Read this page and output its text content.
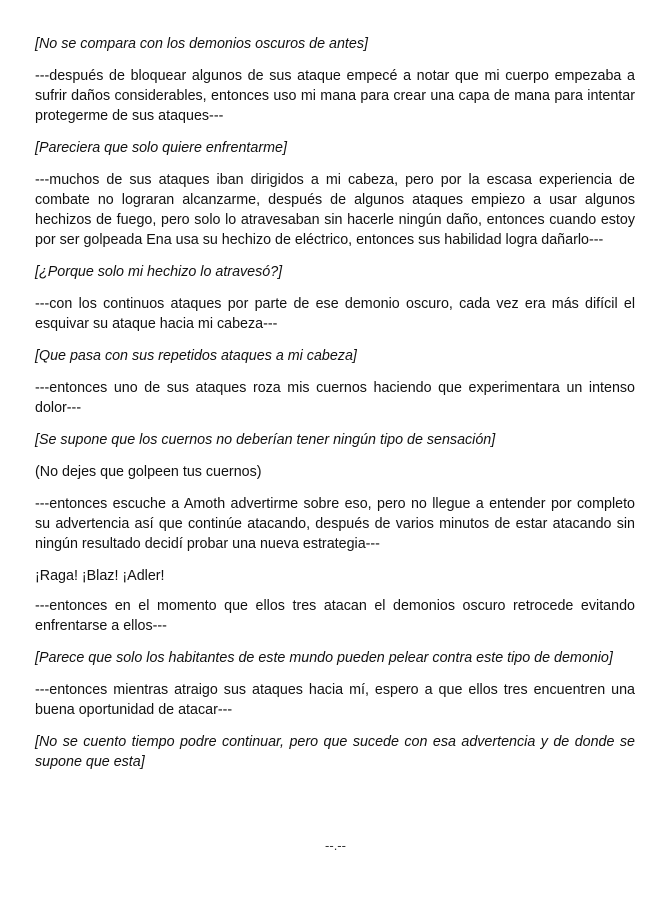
[No se compara con los demonios oscuros de antes]

---después de bloquear algunos de sus ataque empecé a notar que mi cuerpo empezaba a sufrir daños considerables, entonces uso mi mana para crear una capa de mana para intentar protegerme de sus ataques---

[Pareciera que solo quiere enfrentarme]

---muchos de sus ataques iban dirigidos a mi cabeza, pero por la escasa experiencia de combate no lograran alcanzarme, después de algunos ataques empiezo a usar algunos hechizos de fuego, pero solo lo atravesaban sin hacerle ningún daño, entonces cuando estoy por ser golpeada Ena usa su hechizo de eléctrico, entonces sus habilidad logra dañarlo---

[¿Porque solo mi hechizo lo atravesó?]

---con los continuos ataques por parte de ese demonio oscuro, cada vez era más difícil el esquivar su ataque hacia mi cabeza---

[Que pasa con sus repetidos ataques a mi cabeza]

---entonces uno de sus ataques roza mis cuernos haciendo que experimentara un intenso dolor---

[Se supone que los cuernos no deberían tener ningún tipo de sensación]

(No dejes que golpeen tus cuernos)

---entonces escuche a Amoth advertirme sobre eso, pero no llegue a entender por completo su advertencia así que continúe atacando, después de varios minutos de estar atacando sin ningún resultado decidí probar una nueva estrategia---

¡Raga! ¡Blaz! ¡Adler!

---entonces en el momento que ellos tres atacan el demonios oscuro retrocede evitando enfrentarse a ellos---

[Parece que solo los habitantes de este mundo pueden pelear contra este tipo de demonio]

---entonces mientras atraigo sus ataques hacia mí, espero a que ellos tres encuentren una buena oportunidad de atacar---

[No se cuento tiempo podre continuar, pero que sucede con esa advertencia y de donde se supone que esta]

--.--
